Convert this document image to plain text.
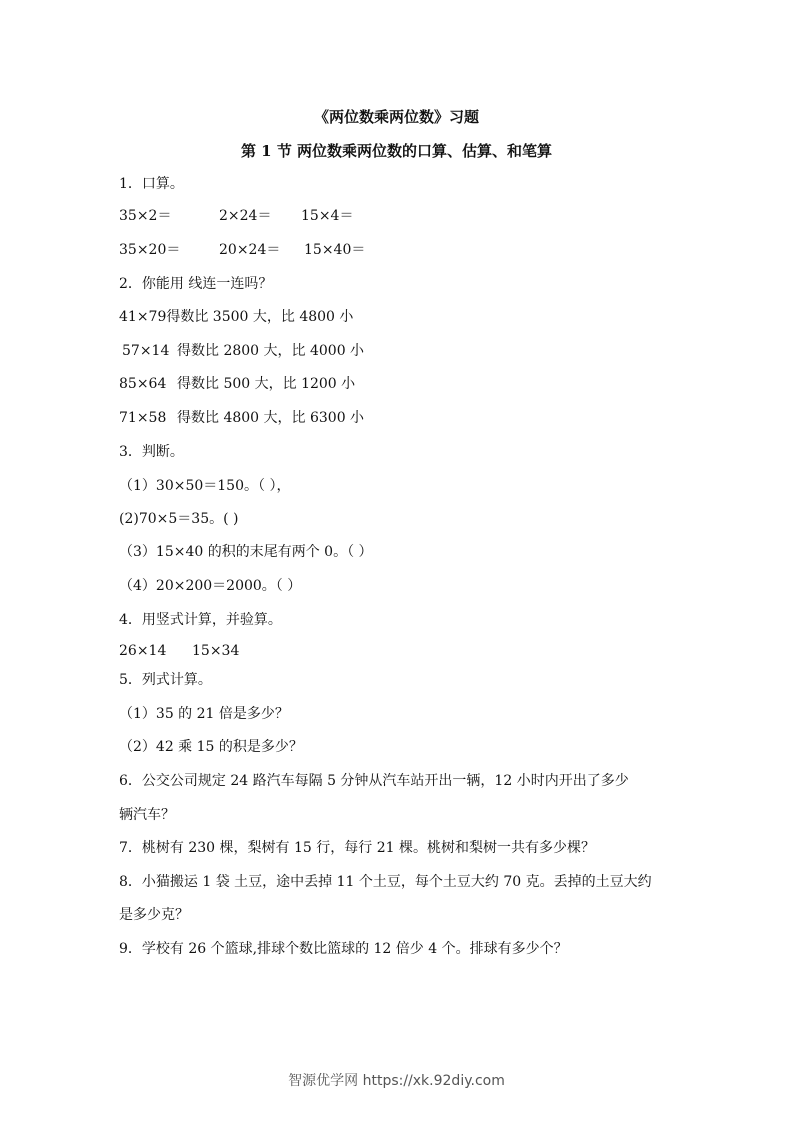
《两位数乘两位数》习题
第 1 节 两位数乘两位数的口算、估算、和笔算
1．口算。
35×2＝	2×24＝ 15×4＝
35×20＝	20×24＝ 15×40＝
2．你能用 线连一连吗？
41×79得数比 3500 大，比 4800 小
57×14 得数比 2800 大，比 4000 小
85×64 得数比 500 大，比 1200 小
71×58 得数比 4800 大，比 6300 小
3．判断。
（1）30×50＝150。（ ），
(2)70×5＝35。( )
（3）15×40 的积的末尾有两个 0。（ ）
（4）20×200＝2000。（ ）
4．用竖式计算，并验算。
26×14 15×34
5．列式计算。
（1）35 的 21 倍是多少？
（2）42 乘 15 的积是多少？
6．公交公司规定 24 路汽车每隔 5 分钟从汽车站开出一辆，12 小时内开出了多少
辆汽车？
7．桃树有 230 棵，梨树有 15 行，每行 21 棵。桃树和梨树一共有多少棵？
8．小猫搬运 1 袋 土豆，途中丢掉 11 个土豆，每个土豆大约 70 克。丢掉的土豆大约
是多少克？
9．学校有 26 个篮球,排球个数比篮球的 12 倍少 4 个。排球有多少个？
智源优学网 https://xk.92diy.com
